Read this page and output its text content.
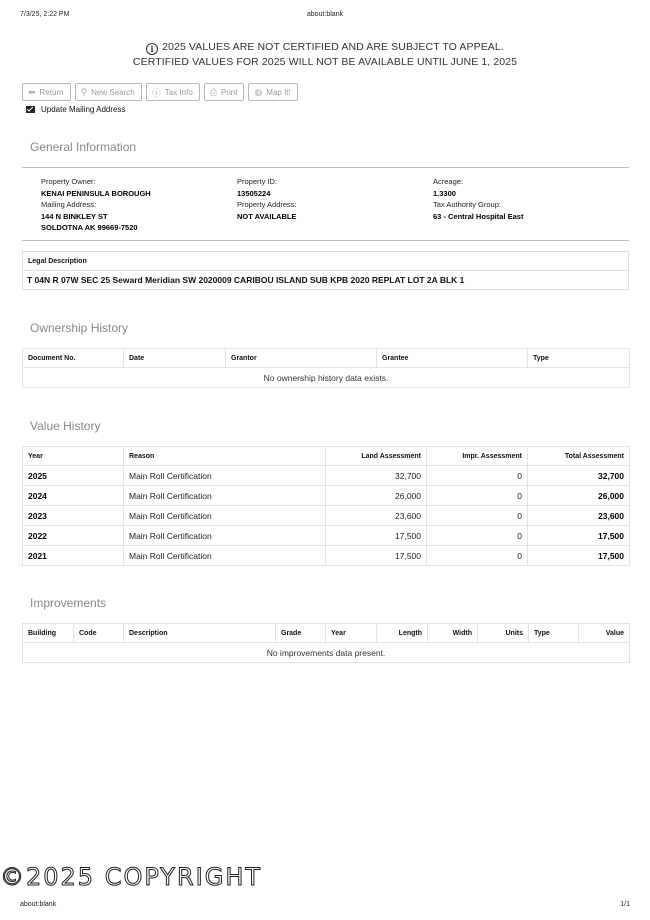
7/3/25, 2:22 PM	about:blank
i 2025 VALUES ARE NOT CERTIFIED AND ARE SUBJECT TO APPEAL.
CERTIFIED VALUES FOR 2025 WILL NOT BE AVAILABLE UNTIL JUNE 1, 2025
⬅ Return ⚲ New Search ⓘ Tax Info ⎙ Print ◍ Map It!
Update Mailing Address
General Information
Property Owner:
KENAI PENINSULA BOROUGH
Mailing Address:
144 N BINKLEY ST
SOLDOTNA AK 99669-7520
Property ID:
13505224
Property Address:
NOT AVAILABLE
Acreage:
1.3300
Tax Authority Group:
63 - Central Hospital East
Legal Description
T 04N R 07W SEC 25 Seward Meridian SW 2020009 CARIBOU ISLAND SUB KPB 2020 REPLAT LOT 2A BLK 1
Ownership History
Document No.	Date	Grantor	Grantee	Type
No ownership history data exists.
Value History
Year	Reason	Land Assessment	Impr. Assessment	Total Assessment
2025	Main Roll Certification	32,700	0	32,700
2024	Main Roll Certification	26,000	0	26,000
2023	Main Roll Certification	23,600	0	23,600
2022	Main Roll Certification	17,500	0	17,500
2021	Main Roll Certification	17,500	0	17,500
Improvements
Building	Code	Description	Grade	Year	Length	Width	Units	Type	Value
No improvements data present.
©2025 COPYRIGHT
about:blank	1/1
